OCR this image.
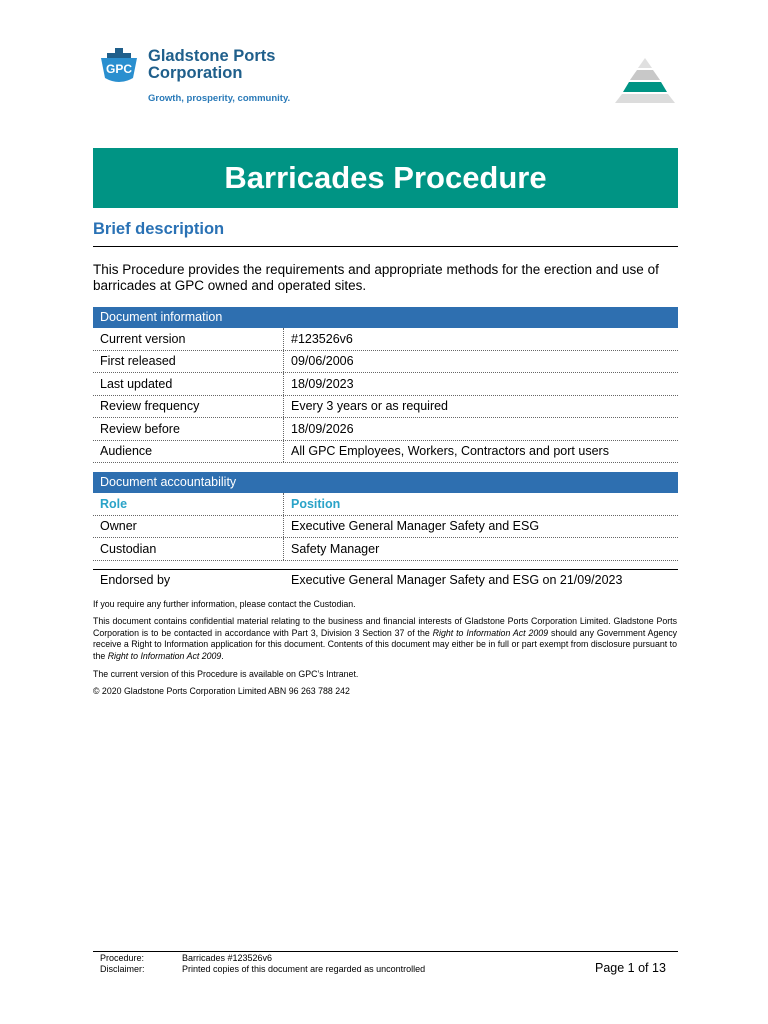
GPC
Gladstone Ports
Corporation
Growth, prosperity, community.
Barricades Procedure
Brief description
This Procedure provides the requirements and appropriate methods for the erection and use of barricades at GPC owned and operated sites.
Document information
Current version	#123526v6
First released	09/06/2006
Last updated	18/09/2023
Review frequency	Every 3 years or as required
Review before	18/09/2026
Audience	All GPC Employees, Workers, Contractors and port users
Document accountability
Role	Position
Owner	Executive General Manager Safety and ESG
Custodian	Safety Manager
Endorsed by	Executive General Manager Safety and ESG on 21/09/2023
If you require any further information, please contact the Custodian.
This document contains confidential material relating to the business and financial interests of Gladstone Ports Corporation Limited. Gladstone Ports Corporation is to be contacted in accordance with Part 3, Division 3 Section 37 of the Right to Information Act 2009 should any Government Agency receive a Right to Information application for this document. Contents of this document may either be in full or part exempt from disclosure pursuant to the Right to Information Act 2009.
The current version of this Procedure is available on GPC’s Intranet.
© 2020 Gladstone Ports Corporation Limited ABN 96 263 788 242
Procedure:	Barricades #123526v6
Disclaimer:	Printed copies of this document are regarded as uncontrolled	Page 1 of 13
